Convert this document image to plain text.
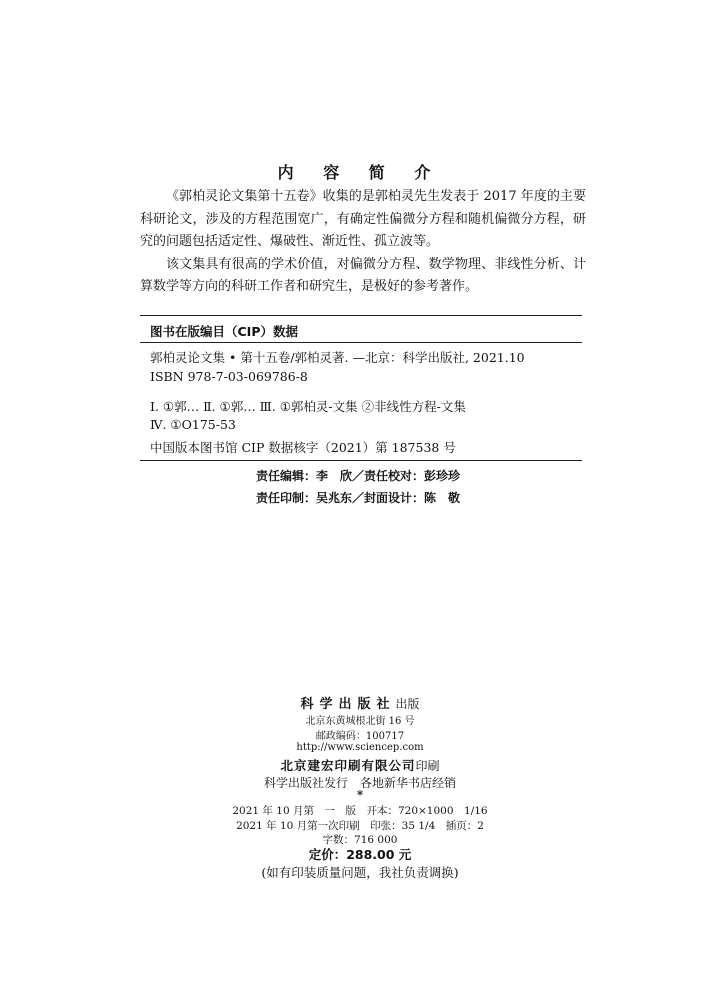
内 容 简 介

《郭柏灵论文集第十五卷》收集的是郭柏灵先生发表于 2017 年度的主要科研论文，涉及的方程范围宽广，有确定性偏微分方程和随机偏微分方程，研究的问题包括适定性、爆破性、渐近性、孤立波等。

该文集具有很高的学术价值，对偏微分方程、数学物理、非线性分析、计算数学等方向的科研工作者和研究生，是极好的参考著作。

图书在版编目（CIP）数据
郭柏灵论文集 • 第十五卷/郭柏灵著. —北京：科学出版社, 2021.10
ISBN 978-7-03-069786-8
Ⅰ. ①郭… Ⅱ. ①郭… Ⅲ. ①郭柏灵-文集 ②非线性方程-文集
Ⅳ. ①O175-53
中国版本图书馆 CIP 数据核字（2021）第 187538 号
责任编辑：李　欣／责任校对：彭珍珍
责任印制：吴兆东／封面设计：陈　敬
科学出版社出版
北京东黄城根北街 16 号
邮政编码：100717
http://www.sciencep.com
北京建宏印刷有限公司印刷
科学出版社发行　各地新华书店经销
*
2021 年 10 月第　一　版　开本：720×1000　1/16
2021 年 10 月第一次印刷　印张：35 1/4　插页：2
字数：716 000
定价：288.00 元
(如有印装质量问题，我社负责调换)
